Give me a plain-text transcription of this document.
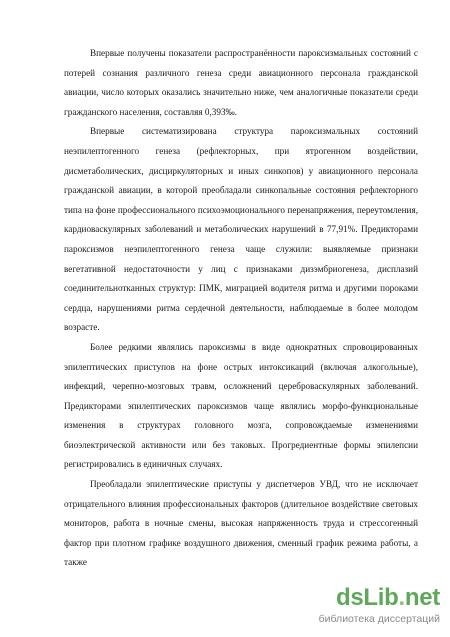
Впервые получены показатели распространённости пароксизмальных состояний с потерей сознания различного генеза среди авиационного персонала гражданской авиации, число которых оказались значительно ниже, чем аналогичные показатели среди гражданского населения, составляя 0,393‰.

Впервые систематизирована структура пароксизмальных состояний неэпилептогенного генеза (рефлекторных, при ятрогенном воздействии, дисметаболических, дисциркуляторных и иных синкопов) у авиационного персонала гражданской авиации, в которой преобладали синкопальные состояния рефлекторного типа на фоне профессионального психоэмоционального перенапряжения, переутомления, кардиоваскулярных заболеваний и метаболических нарушений в 77,91%. Предикторами пароксизмов неэпилептогенного генеза чаще служили: выявляемые признаки вегетативной недостаточности у лиц с признаками дизэмбриогенеза, дисплазий соединительнотканных структур: ПМК, миграцией водителя ритма и другими пороками сердца, нарушениями ритма сердечной деятельности, наблюдаемые в более молодом возрасте.

Более редкими являлись пароксизмы в виде однократных спровоцированных эпилептических приступов на фоне острых интоксикаций (включая алкогольные), инфекций, черепно-мозговых травм, осложнений цереброваскулярных заболеваний. Предикторами эпилептических пароксизмов чаще являлись морфо-функциональные изменения в структурах головного мозга, сопровождаемые изменениями биоэлектрической активности или без таковых. Прогредиентные формы эпилепсии регистрировались в единичных случаях.

Преобладали эпилептические приступы у диспетчеров УВД, что не исключает отрицательного влияния профессиональных факторов (длительное воздействие световых мониторов, работа в ночные смены, высокая напряженность труда и стрессогенный фактор при плотном графике воздушного движения, сменный график режима работы, а также

dsLib.net
библиотека диссертаций
